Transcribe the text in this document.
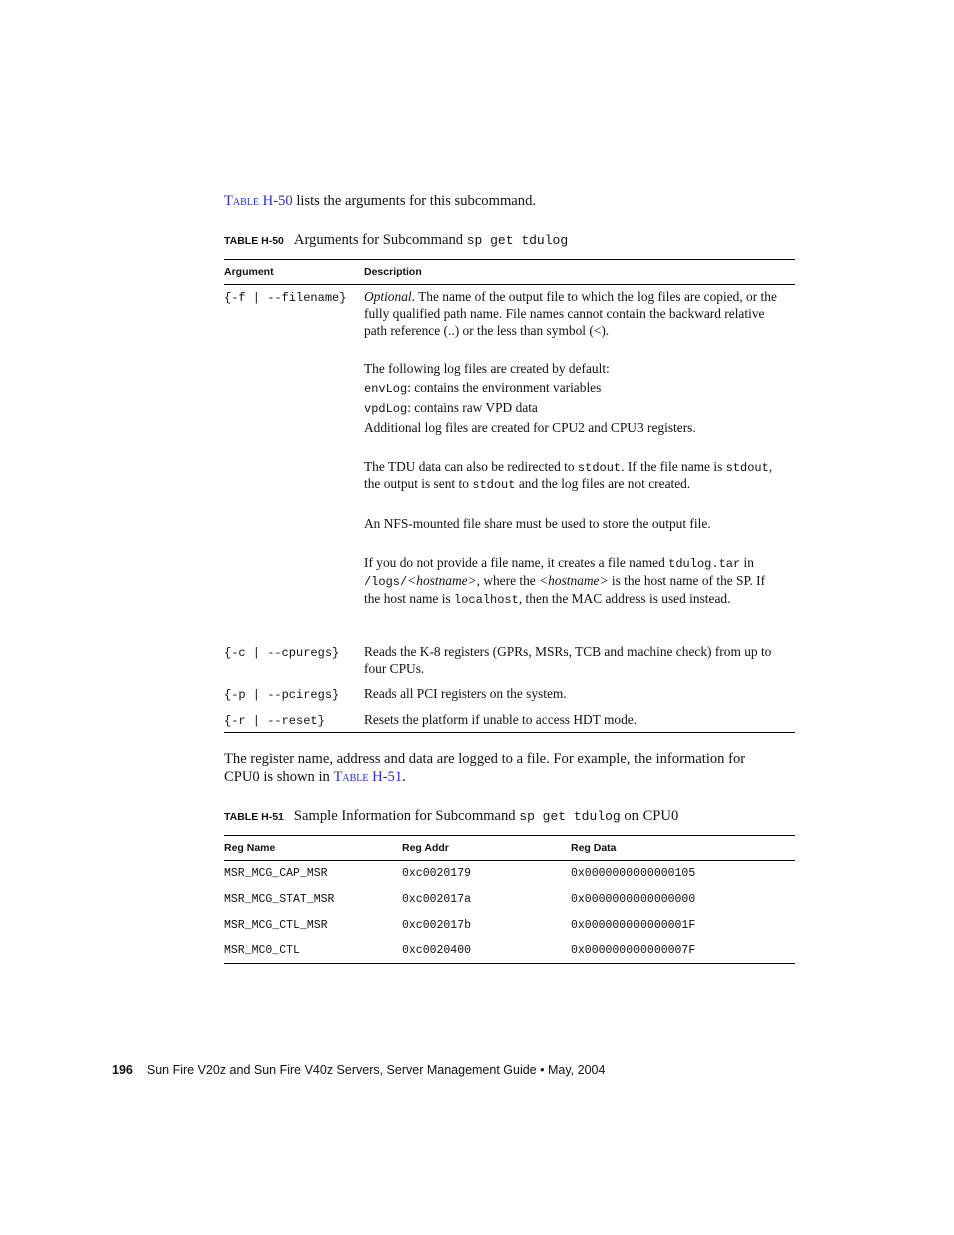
Table H-50 lists the arguments for this subcommand.
TABLE H-50 Arguments for Subcommand sp get tdulog
Argument	Description
{-f | --filename} Optional. The name of the output file to which the log files are copied, or the fully qualified path name. File names cannot contain the backward relative path reference (..) or the less than symbol (<).

The following log files are created by default:

envLog: contains the environment variables

vpdLog: contains raw VPD data

Additional log files are created for CPU2 and CPU3 registers.

The TDU data can also be redirected to stdout. If the file name is stdout, the output is sent to stdout and the log files are not created.

An NFS-mounted file share must be used to store the output file.

If you do not provide a file name, it creates a file named tdulog.tar in /logs/<hostname>, where the <hostname> is the host name of the SP. If the host name is localhost, then the MAC address is used instead.

{-c | --cpuregs} Reads the K-8 registers (GPRs, MSRs, TCB and machine check) from up to four CPUs.
{-p | --pciregs} Reads all PCI registers on the system.
{-r | --reset}	Resets the platform if unable to access HDT mode.
The register name, address and data are logged to a file. For example, the information for CPU0 is shown in Table H-51.
TABLE H-51 Sample Information for Subcommand sp get tdulog on CPU0
Reg Name	Reg Addr	Reg Data
MSR_MCG_CAP_MSR	0xc0020179	0x0000000000000105
MSR_MCG_STAT_MSR	0xc002017a	0x0000000000000000
MSR_MCG_CTL_MSR	0xc002017b	0x000000000000001F
MSR_MC0_CTL	0xc0020400	0x000000000000007F
196 Sun Fire V20z and Sun Fire V40z Servers, Server Management Guide • May, 2004
